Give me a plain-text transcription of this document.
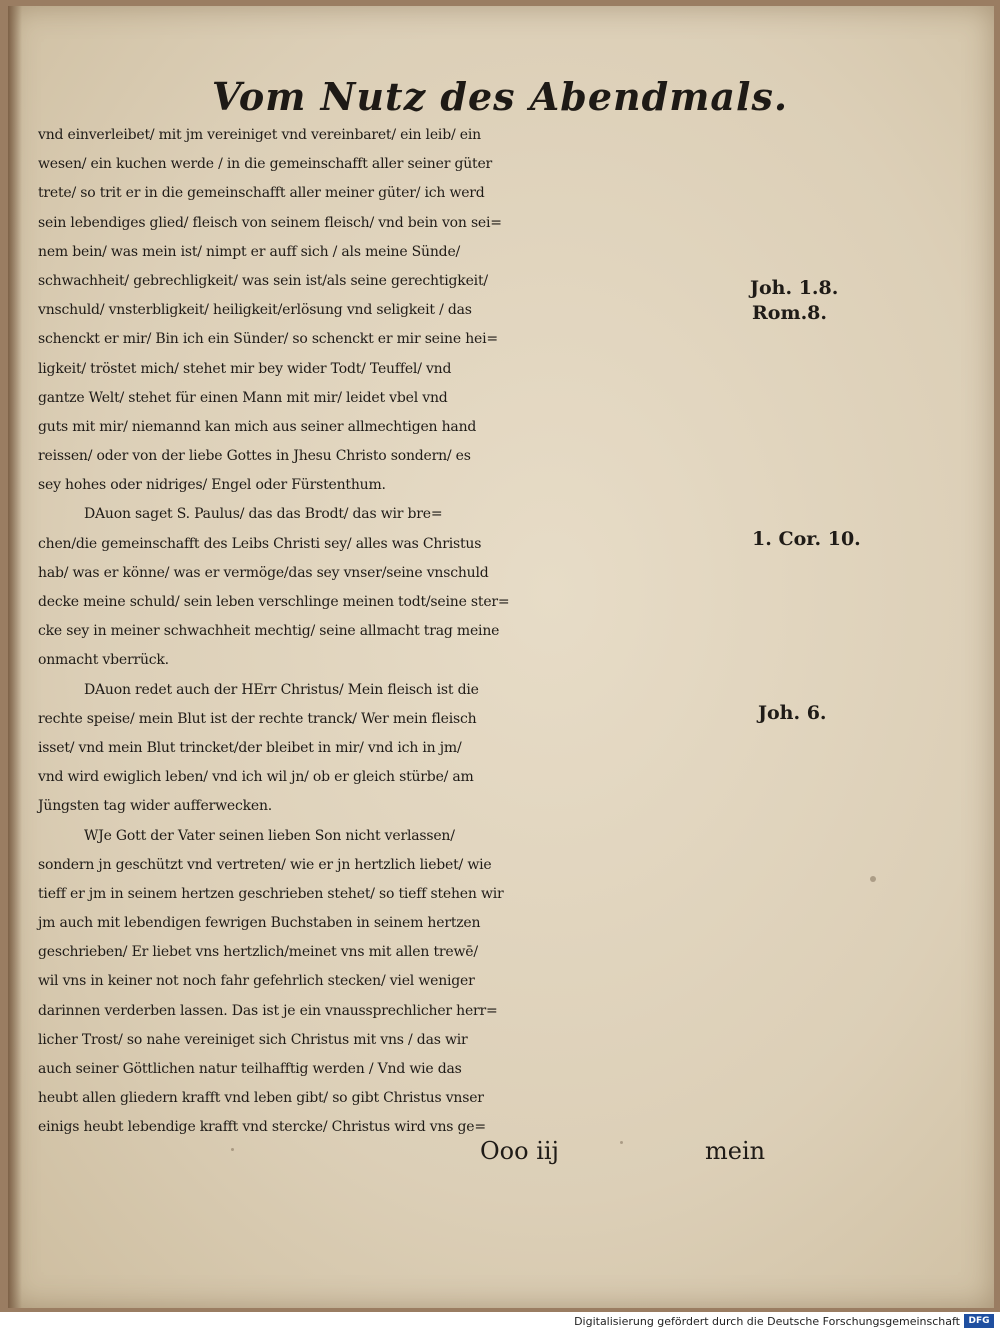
Vom Nutz des Abendmals.
vnd einverleibet/ mit jm vereiniget vnd vereinbaret/ ein leib/ ein
wesen/ ein kuchen werde / in die gemeinschafft aller seiner güter
trete/ so trit er in die gemeinschafft aller meiner güter/ ich werd
sein lebendiges glied/ fleisch von seinem fleisch/ vnd bein von sei=
nem bein/ was mein ist/ nimpt er auff sich / als meine Sünde/
schwachheit/ gebrechligkeit/ was sein ist/als seine gerechtigkeit/
vnschuld/ vnsterbligkeit/ heiligkeit/erlösung vnd seligkeit / das
schenckt er mir/ Bin ich ein Sünder/ so schenckt er mir seine hei=
ligkeit/ tröstet mich/ stehet mir bey wider Todt/ Teuffel/ vnd
gantze Welt/ stehet für einen Mann mit mir/ leidet vbel vnd
guts mit mir/ niemannd kan mich aus seiner allmechtigen hand
reissen/ oder von der liebe Gottes in Jhesu Christo sondern/ es
sey hohes oder nidriges/ Engel oder Fürstenthum.
DAuon saget S. Paulus/ das das Brodt/ das wir bre=
chen/die gemeinschafft des Leibs Christi sey/ alles was Christus
hab/ was er könne/ was er vermöge/das sey vnser/seine vnschuld
decke meine schuld/ sein leben verschlinge meinen todt/seine ster=
cke sey in meiner schwachheit mechtig/ seine allmacht trag meine
onmacht vberrück.
DAuon redet auch der HErr Christus/ Mein fleisch ist die
rechte speise/ mein Blut ist der rechte tranck/ Wer mein fleisch
isset/ vnd mein Blut trincket/der bleibet in mir/ vnd ich in jm/
vnd wird ewiglich leben/ vnd ich wil jn/ ob er gleich stürbe/ am
Jüngsten tag wider aufferwecken.
WJe Gott der Vater seinen lieben Son nicht verlassen/
sondern jn geschützt vnd vertreten/ wie er jn hertzlich liebet/ wie
tieff er jm in seinem hertzen geschrieben stehet/ so tieff stehen wir
jm auch mit lebendigen fewrigen Buchstaben in seinem hertzen
geschrieben/ Er liebet vns hertzlich/meinet vns mit allen trewē/
wil vns in keiner not noch fahr gefehrlich stecken/ viel weniger
darinnen verderben lassen. Das ist je ein vnaussprechlicher herr=
licher Trost/ so nahe vereiniget sich Christus mit vns / das wir
auch seiner Göttlichen natur teilhafftig werden / Vnd wie das
heubt allen gliedern krafft vnd leben gibt/ so gibt Christus vnser
einigs heubt lebendige krafft vnd stercke/ Christus wird vns ge=
Joh. 1.8.
Rom.8.
1. Cor. 10.
Joh. 6.
Ooo iij	mein
Digitalisierung gefördert durch die Deutsche Forschungsgemeinschaft DFG
